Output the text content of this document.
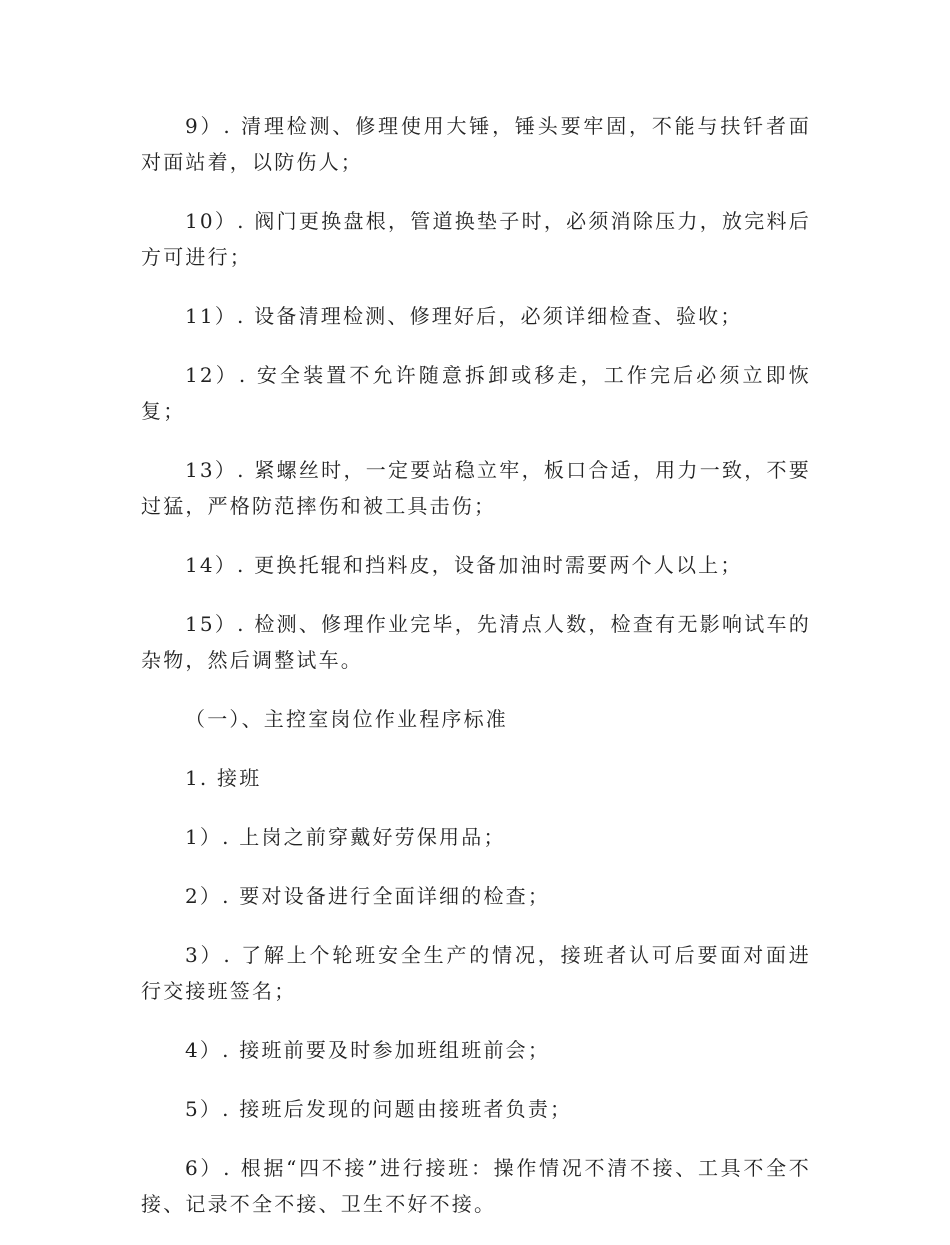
9）. 清理检测、修理使用大锤，锤头要牢固，不能与扶钎者面对面站着，以防伤人；

10）. 阀门更换盘根，管道换垫子时，必须消除压力，放完料后方可进行；

11）. 设备清理检测、修理好后，必须详细检查、验收；

12）. 安全装置不允许随意拆卸或移走，工作完后必须立即恢复；

13）. 紧螺丝时，一定要站稳立牢，板口合适，用力一致，不要过猛，严格防范摔伤和被工具击伤；

14）. 更换托辊和挡料皮，设备加油时需要两个人以上；

15）. 检测、修理作业完毕，先清点人数，检查有无影响试车的杂物，然后调整试车。

（一）、主控室岗位作业程序标准

1. 接班

1）. 上岗之前穿戴好劳保用品；

2）. 要对设备进行全面详细的检查；

3）. 了解上个轮班安全生产的情况，接班者认可后要面对面进行交接班签名；

4）. 接班前要及时参加班组班前会；

5）. 接班后发现的问题由接班者负责；

6）. 根据“四不接”进行接班：操作情况不清不接、工具不全不接、记录不全不接、卫生不好不接。
